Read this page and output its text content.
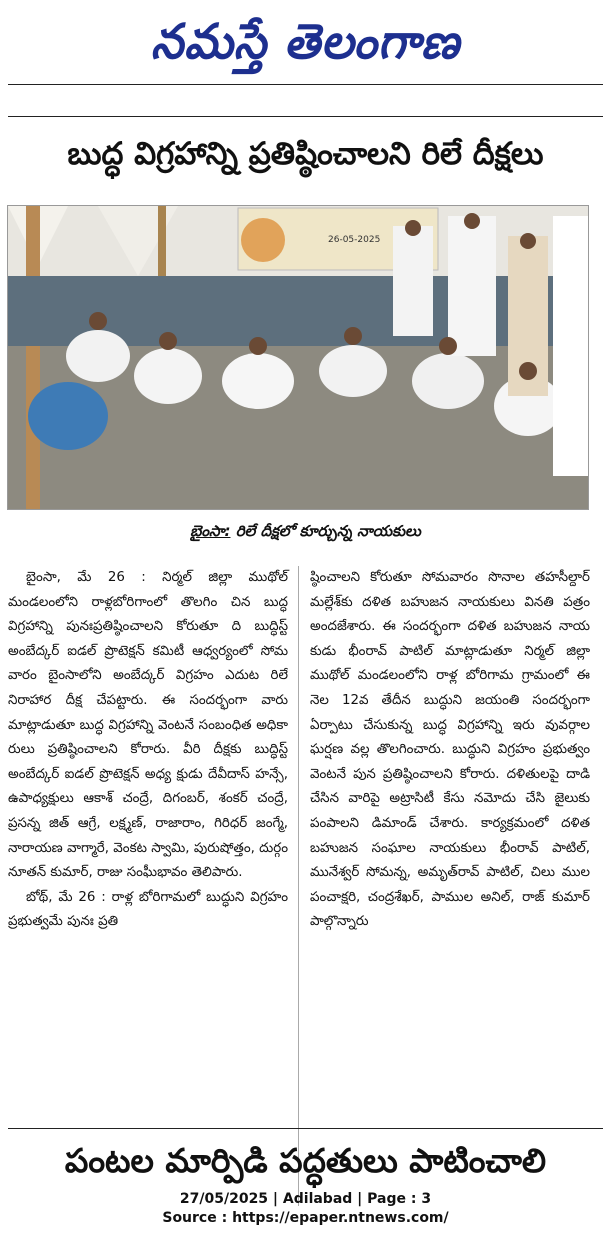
నమస్తే తెలంగాణ
బుద్ధ విగ్రహాన్ని ప్రతిష్ఠించాలని రిలే దీక్షలు
26-05-2025
బైంసా: రిలే దీక్షలో కూర్చున్న నాయకులు

బైంసా, మే 26 : నిర్మల్ జిల్లా ముథోల్ మండలంలోని రాళ్లబోరిగాంలో తొలగిం చిన బుద్ధ విగ్రహాన్ని పునఃప్రతిష్ఠించాలని కోరుతూ ది బుద్ధిస్ట్ అంబేద్కర్ ఐడల్ ప్రొటెక్షన్ కమిటీ ఆధ్వర్యంలో సోమ వారం బైంసాలోని అంబేద్కర్ విగ్రహం ఎదుట రిలే నిరాహార దీక్ష చేపట్టారు. ఈ సందర్భంగా వారు మాట్లాడుతూ బుద్ధ విగ్రహాన్ని వెంటనే సంబంధిత అధికా రులు ప్రతిష్ఠించాలని కోరారు. వీరి దీక్షకు బుద్ధిస్ట్ అంబేద్కర్ ఐడల్ ప్రొటెక్షన్ అధ్య క్షుడు దేవీదాస్ హన్సే, ఉపాధ్యక్షులు ఆకాశ్ చంద్రే, దిగంబర్, శంకర్ చంద్రే, ప్రసన్న జిత్ ఆగ్రే, లక్ష్మణ్, రాజారాం, గిరిధర్ జంగ్మే, నారాయణ వాగ్మారే, వెంకట స్వామి, పురుషోత్తం, దుర్గం నూతన్ కుమార్, రాజు సంఘీభావం తెలిపారు.

బోథ్, మే 26 : రాళ్ల బోరిగామలో బుద్ధుని విగ్రహం ప్రభుత్వమే పునః ప్రతి

ష్ఠించాలని కోరుతూ సోమవారం సొనాల తహసీల్దార్ మల్లేశ్‌కు దళిత బహుజన నాయకులు వినతి పత్రం అందజేశారు. ఈ సందర్భంగా దళిత బహుజన నాయ కుడు భీంరావ్ పాటిల్ మాట్లాడుతూ నిర్మల్ జిల్లా ముథోల్ మండలంలోని రాళ్ల బోరిగామ గ్రామంలో ఈ నెల 12వ తేదీన బుద్ధుని జయంతి సందర్భంగా ఏర్పాటు చేసుకున్న బుద్ధ విగ్రహాన్ని ఇరు వువర్గాల ఘర్షణ వల్ల తొలగించారు. బుద్ధుని విగ్రహం ప్రభుత్వం వెంటనే పున ప్రతిష్ఠించాలని కోరారు. దళితులపై దాడి చేసిన వారిపై అట్రాసిటీ కేసు నమోదు చేసి జైలుకు పంపాలని డిమాండ్ చేశారు. కార్యక్రమంలో దళిత బహుజన సంఘాల నాయకులు భీంరావ్ పాటిల్, మునేశ్వర్ సోమన్న, అమృత్‌రావ్ పాటిల్, చిలు ముల పంచాక్షరి, చంద్రశేఖర్, పాముల అనిల్, రాజ్ కుమార్ పాల్గొన్నారు

పంటల మార్పిడి పద్ధతులు పాటించాలి
27/05/2025 | Adilabad | Page : 3
Source : https://epaper.ntnews.com/
